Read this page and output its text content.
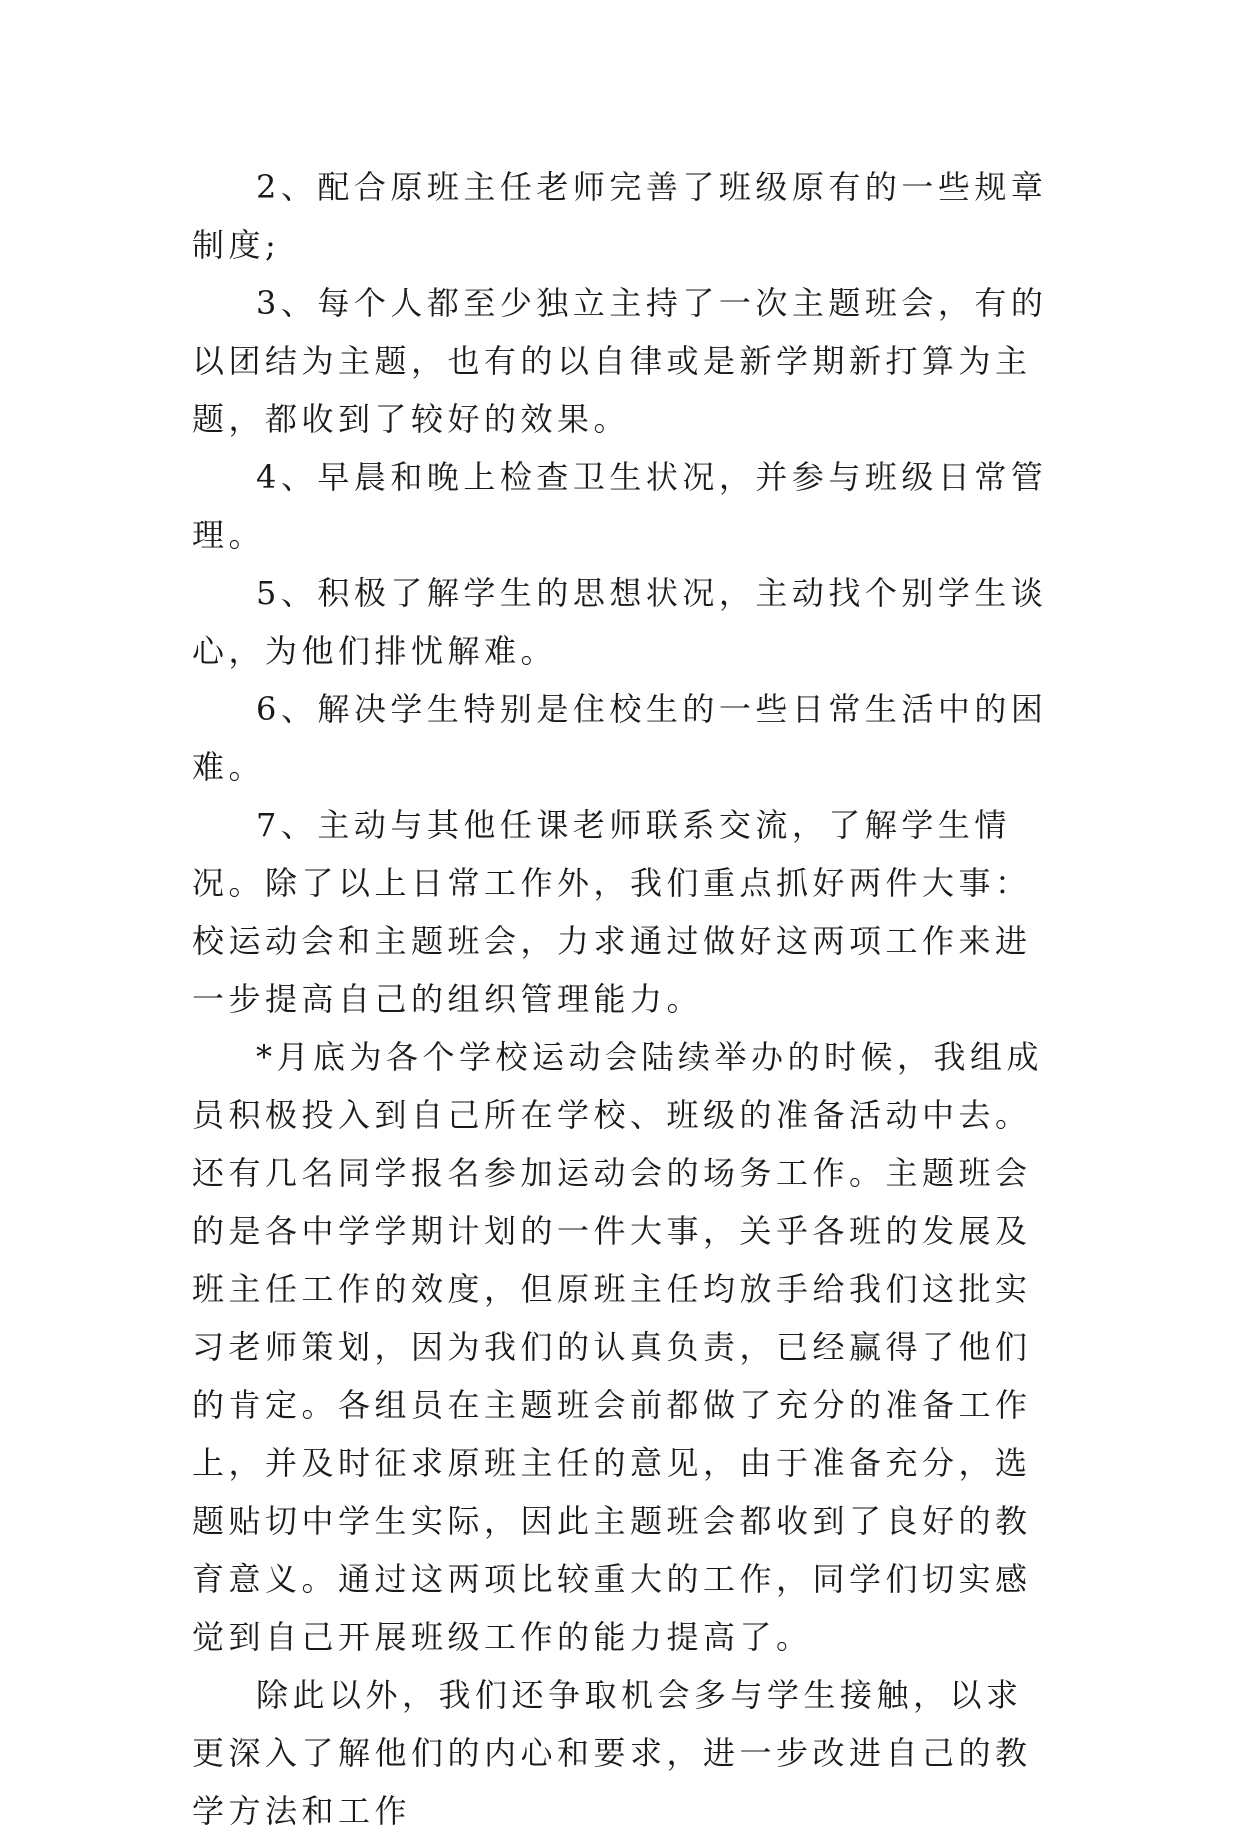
2、配合原班主任老师完善了班级原有的一些规章制度;

3、每个人都至少独立主持了一次主题班会，有的以团结为主题，也有的以自律或是新学期新打算为主题，都收到了较好的效果。

4、早晨和晚上检查卫生状况，并参与班级日常管理。

5、积极了解学生的思想状况，主动找个别学生谈心，为他们排忧解难。

6、解决学生特别是住校生的一些日常生活中的困难。

7、主动与其他任课老师联系交流，了解学生情况。除了以上日常工作外，我们重点抓好两件大事：校运动会和主题班会，力求通过做好这两项工作来进一步提高自己的组织管理能力。

*月底为各个学校运动会陆续举办的时候，我组成员积极投入到自己所在学校、班级的准备活动中去。还有几名同学报名参加运动会的场务工作。主题班会的是各中学学期计划的一件大事，关乎各班的发展及班主任工作的效度，但原班主任均放手给我们这批实习老师策划，因为我们的认真负责，已经赢得了他们的肯定。各组员在主题班会前都做了充分的准备工作上，并及时征求原班主任的意见，由于准备充分，选题贴切中学生实际，因此主题班会都收到了良好的教育意义。通过这两项比较重大的工作，同学们切实感觉到自己开展班级工作的能力提高了。

除此以外，我们还争取机会多与学生接触，以求更深入了解他们的内心和要求，进一步改进自己的教学方法和工作
